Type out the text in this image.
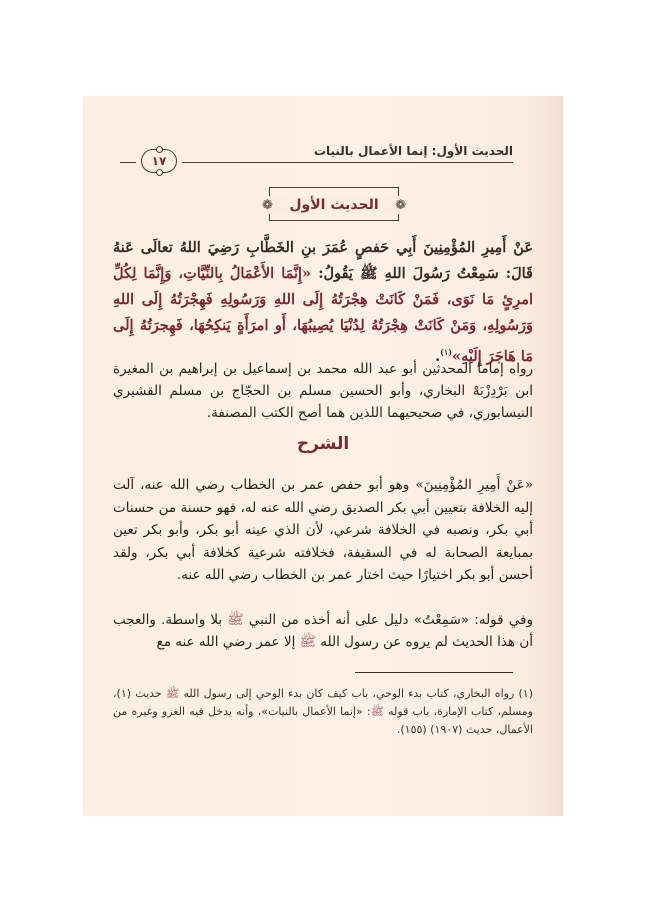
الحديث الأول: إنما الأعمال بالنيات
١٧
❁
الحديث الأول
❁
عَنْ أَمِيرِ المُؤْمِنِينَ أَبِي حَفصٍ عُمَرَ بنِ الخَطَّابِ رَضِيَ اللهُ تعالَى عَنهُ قَالَ: سَمِعْتُ رَسُولَ اللهِ ﷺ يَقُولُ: «إِنَّمَا الأَعْمَالُ بِالنِّيَّاتِ، وَإِنَّمَا لِكُلِّ امرِئٍ مَا نَوَى، فَمَنْ كَانَتْ هِجْرَتُهُ إِلَى اللهِ وَرَسُولِهِ فَهِجْرَتُهُ إِلَى اللهِ وَرَسُولِهِ، وَمَنْ كَانَتْ هِجْرَتُهُ لِدُنْيَا يُصِيبُهَا، أَو امرَأَةٍ يَنكِحُهَا، فَهِجرَتُهُ إِلَى مَا هَاجَرَ إِلَيْهِ»$^{(١)}$.
رواه إماما المحدثين أبو عبد الله محمد بن إسماعيل بن إبراهيم بن المغيرة ابن بَرْدِزْبَهْ البخاري، وأبو الحسين مسلم بن الحجّاج بن مسلم القشيري النيسابوري، في صحيحيهما اللذين هما أصح الكتب المصنفة.
الشرح
«عَنْ أَمِيرِ المُؤْمِنِينَ» وهو أبو حفص عمر بن الخطاب رضي الله عنه، آلت إليه الخلافة بتعيين أبي بكر الصديق رضي الله عنه له، فهو حسنة من حسنات أبي بكر، ونصبه في الخلافة شرعي، لأن الذي عينه أبو بكر، وأبو بكر تعين بمبايعة الصحابة له في السقيفة، فخلافته شرعية كخلافة أبي بكر، ولقد أحسن أبو بكر اختيارًا حيث اختار عمر بن الخطاب رضي الله عنه.
وفي قوله: «سَمِعْتُ» دليل على أنه أخذه من النبي ﷺ بلا واسطة. والعجب أن هذا الحديث لم يروه عن رسول الله ﷺ إلا عمر رضي الله عنه مع
(١) رواه البخاري، كتاب بدء الوحي، باب كيف كان بدء الوحي إلى رسول الله ﷺ حديث (١)، ومسلم، كتاب الإمارة، باب قوله ﷺ: «إنما الأعمال بالنيات»، وأنه يدخل فيه الغزو وغيره من الأعمال، حديث (١٩٠٧) (١٥٥).
